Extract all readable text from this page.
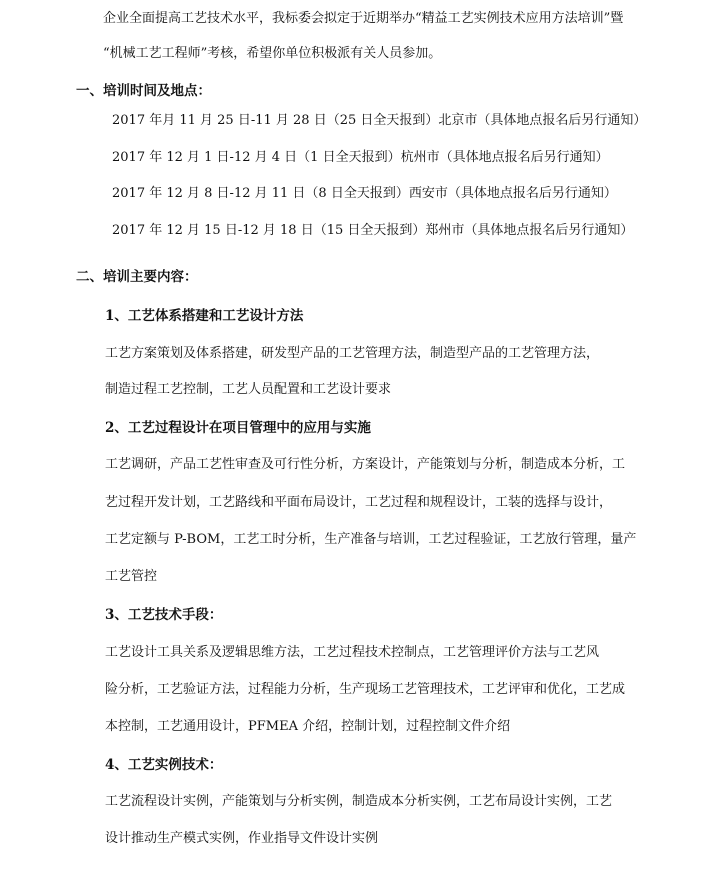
企业全面提高工艺技术水平，我标委会拟定于近期举办“精益工艺实例技术应用方法培训”暨
“机械工艺工程师”考核，希望你单位积极派有关人员参加。
一、培训时间及地点：
2017 年月 11 月 25 日-11 月 28 日（25 日全天报到）北京市（具体地点报名后另行通知）
2017 年 12 月 1 日-12 月 4 日（1 日全天报到）杭州市（具体地点报名后另行通知）
2017 年 12 月 8 日-12 月 11 日（8 日全天报到）西安市（具体地点报名后另行通知）
2017 年 12 月 15 日-12 月 18 日（15 日全天报到）郑州市（具体地点报名后另行通知）
二、培训主要内容：
1、工艺体系搭建和工艺设计方法
工艺方案策划及体系搭建，研发型产品的工艺管理方法，制造型产品的工艺管理方法，
制造过程工艺控制，工艺人员配置和工艺设计要求
2、工艺过程设计在项目管理中的应用与实施
工艺调研，产品工艺性审查及可行性分析，方案设计，产能策划与分析，制造成本分析，工
艺过程开发计划，工艺路线和平面布局设计，工艺过程和规程设计，工装的选择与设计，
工艺定额与 P-BOM，工艺工时分析，生产准备与培训，工艺过程验证，工艺放行管理，量产
工艺管控
3、工艺技术手段：
工艺设计工具关系及逻辑思维方法，工艺过程技术控制点，工艺管理评价方法与工艺风
险分析，工艺验证方法，过程能力分析，生产现场工艺管理技术，工艺评审和优化，工艺成
本控制，工艺通用设计，PFMEA 介绍，控制计划，过程控制文件介绍
4、工艺实例技术：
工艺流程设计实例，产能策划与分析实例，制造成本分析实例，工艺布局设计实例，工艺
设计推动生产模式实例，作业指导文件设计实例
